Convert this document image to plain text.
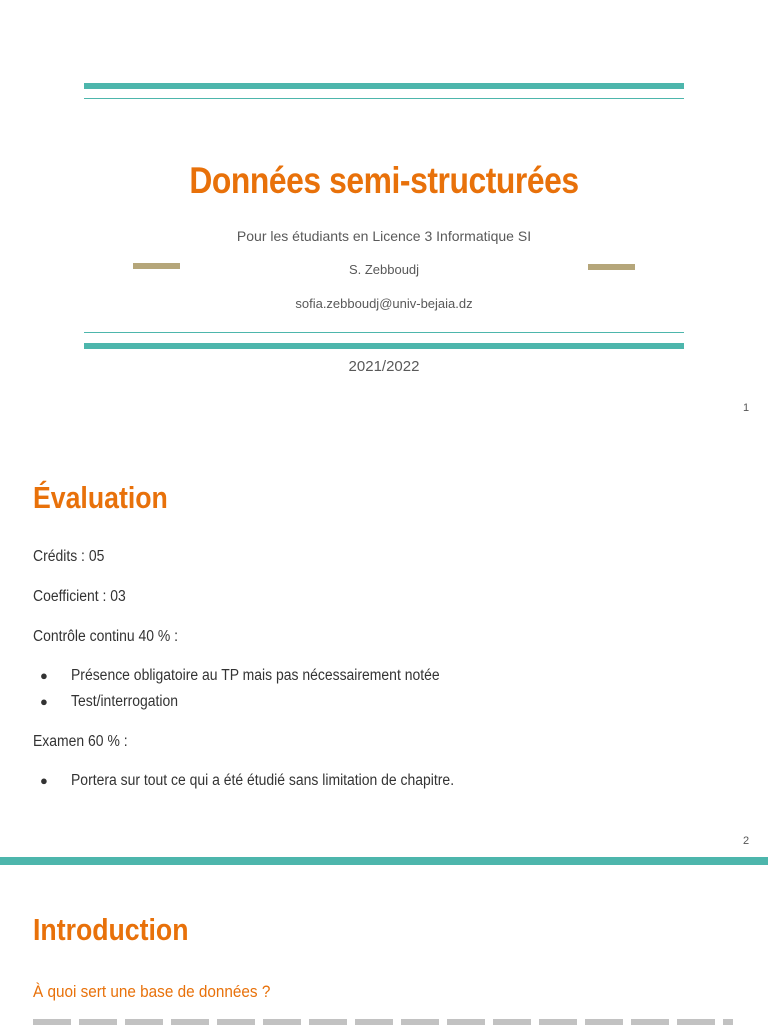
Données semi-structurées
Pour les étudiants en Licence 3 Informatique SI
S. Zebboudj
sofia.zebboudj@univ-bejaia.dz
2021/2022
1
Évaluation
Crédits : 05
Coefficient : 03
Contrôle continu 40 % :
● Présence obligatoire au TP mais pas nécessairement notée
● Test/interrogation
Examen 60 % :
● Portera sur tout ce qui a été étudié sans limitation de chapitre.
2
Introduction
À quoi sert une base de données ?
